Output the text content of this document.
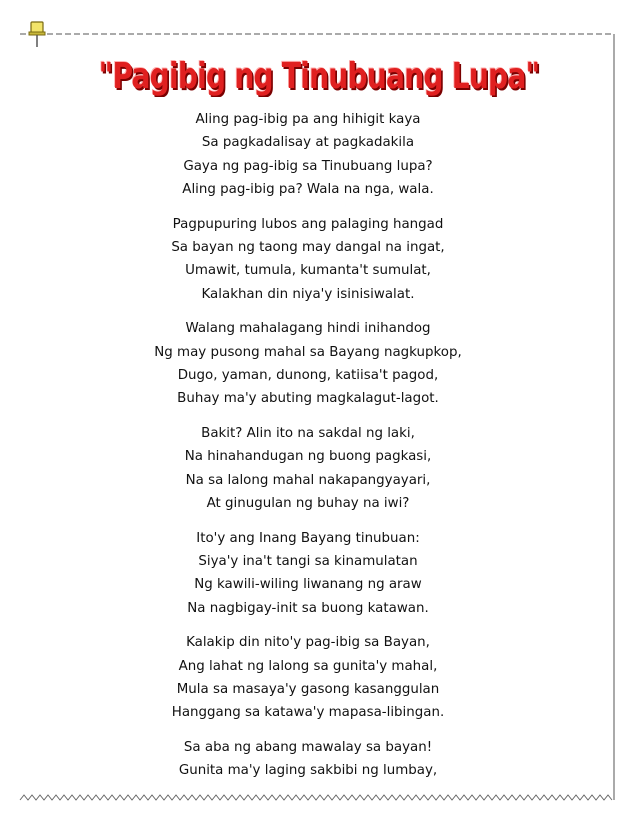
"Pagibig ng Tinubuang Lupa"
Aling pag-ibig pa ang hihigit kaya
Sa pagkadalisay at pagkadakila
Gaya ng pag-ibig sa Tinubuang lupa?
Aling pag-ibig pa? Wala na nga, wala.
Pagpupuring lubos ang palaging hangad
Sa bayan ng taong may dangal na ingat,
Umawit, tumula, kumanta't sumulat,
Kalakhan din niya'y isinisiwalat.
Walang mahalagang hindi inihandog
Ng may pusong mahal sa Bayang nagkupkop,
Dugo, yaman, dunong, katiisa't pagod,
Buhay ma'y abuting magkalagut-lagot.
Bakit? Alin ito na sakdal ng laki,
Na hinahandugan ng buong pagkasi,
Na sa lalong mahal nakapangyayari,
At ginugulan ng buhay na iwi?
Ito'y ang Inang Bayang tinubuan:
Siya'y ina't tangi sa kinamulatan
Ng kawili-wiling liwanang ng araw
Na nagbigay-init sa buong katawan.
Kalakip din nito'y pag-ibig sa Bayan,
Ang lahat ng lalong sa gunita'y mahal,
Mula sa masaya'y gasong kasanggulan
Hanggang sa katawa'y mapasa-libingan.
Sa aba ng abang mawalay sa bayan!
Gunita ma'y laging sakbibi ng lumbay,
